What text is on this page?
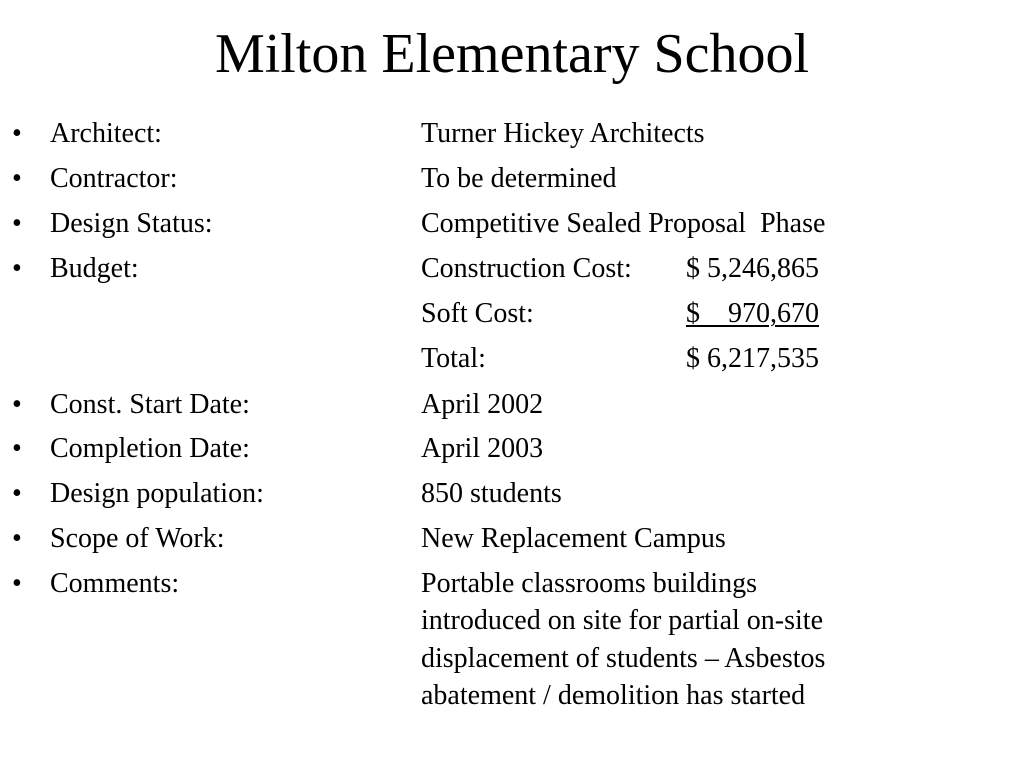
Milton Elementary School
•	Architect:	Turner Hickey Architects
•	Contractor:	To be determined
•	Design Status:	Competitive Sealed Proposal  Phase
•	Budget:	Construction Cost: $ 5,246,865
Soft Cost:	$    970,670
Total:	$ 6,217,535
•	Const. Start Date:	April 2002
•	Completion Date:	April 2003
•	Design population:	850 students
•	Scope of Work:	New Replacement Campus
•	Comments:	Portable classrooms buildings
introduced on site for partial on-site
displacement of students – Asbestos
abatement / demolition has started
